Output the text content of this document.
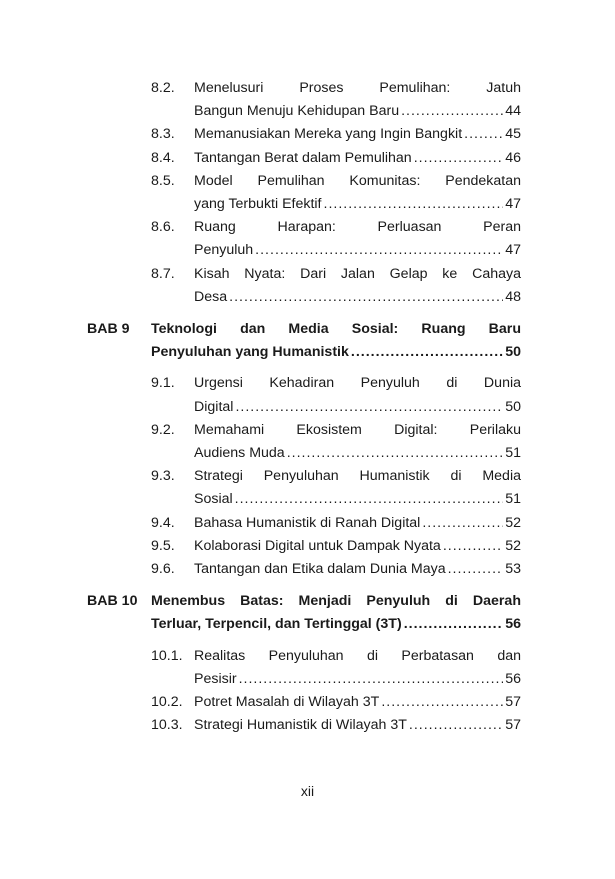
8.2. Menelusuri Proses Pemulihan: Jatuh
Bangun Menuju Kehidupan Baru .....	44
8.3. Memanusiakan Mereka yang Ingin Bangkit .....	45
8.4. Tantangan Berat dalam Pemulihan .....	46
8.5. Model Pemulihan Komunitas: Pendekatan
yang Terbukti Efektif .....	47
8.6. Ruang Harapan: Perluasan Peran
Penyuluh .....	47
8.7. Kisah Nyata: Dari Jalan Gelap ke Cahaya
Desa .....	48
BAB 9 Teknologi dan Media Sosial: Ruang Baru
Penyuluhan yang Humanistik .....	50
9.1. Urgensi Kehadiran Penyuluh di Dunia
Digital .....	50
9.2. Memahami Ekosistem Digital: Perilaku
Audiens Muda .....	51
9.3. Strategi Penyuluhan Humanistik di Media
Sosial .....	51
9.4. Bahasa Humanistik di Ranah Digital .....	52
9.5. Kolaborasi Digital untuk Dampak Nyata .....	52
9.6. Tantangan dan Etika dalam Dunia Maya .....	53
BAB 10 Menembus Batas: Menjadi Penyuluh di Daerah
Terluar, Terpencil, dan Tertinggal (3T) .....	56
10.1. Realitas Penyuluhan di Perbatasan dan
Pesisir .....	56
10.2. Potret Masalah di Wilayah 3T .....	57
10.3. Strategi Humanistik di Wilayah 3T .....	57
xii
